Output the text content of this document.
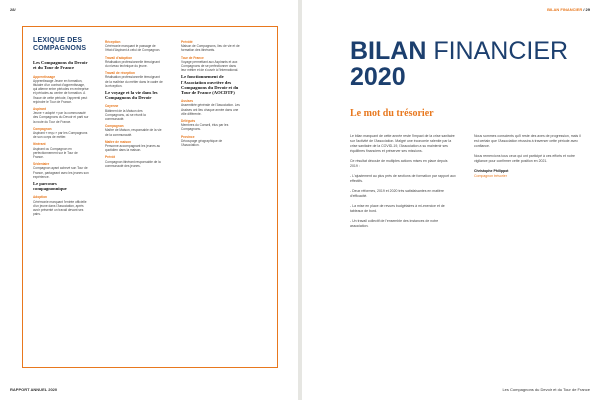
28/
LEXIQUE DES COMPAGNONS
Les Compagnons du Devoir et du Tour de France
Apprentissage
Apprentissage Jeune en formation, titulaire d'un contrat d'apprentissage, qui alterne entre périodes en entreprise et périodes au centre de formation. A l'issue de cette période, l'apprenti peut rejoindre le Tour de France.
Aspirant
Jeune « adopté » par la communauté des Compagnons du Devoir et parti sur la route du Tour de France.
Compagnon
Aspirant « reçu » par les Compagnons de son corps de métier.
Itinérant
Aspirant ou Compagnon en perfectionnement sur le Tour de France.
Sédentaire
Compagnon ayant achevé son Tour de France, partageant avec les jeunes son expérience.
Le parcours compagnonnique
Adoption
Cérémonie marquant l'entrée officielle d'un jeune dans l'Association, après avoir présenté un travail devant ses pairs.
Réception
Cérémonie marquant le passage de l'état d'Aspirant à celui de Compagnon.
Travail d'adoption
Réalisation professionnelle témoignant du niveau technique du jeune.
Travail de réception
Réalisation professionnelle témoignant de la maîtrise du métier dans le cadre de la réception.
Le voyage et la vie dans les Compagnons du Devoir
Cayenne
Bâtiment de la Maison des Compagnons, où se réunit la communauté.
Compagnon
Maître de Maison, responsable de la vie de la communauté.
Maître de maison
Personne accompagnant les jeunes au quotidien dans la maison.
Prévôt
Compagnon itinérant responsable de la communauté des jeunes.
Prévôté
Maison de Compagnons, lieu de vie et de formation des itinérants.
Tour de France
Voyage permettant aux Aspirants et aux Compagnons de se perfectionner dans leur métier et de s'ouvrir à l'international.
Le fonctionnement de l'Association ouvrière des Compagnons du Devoir et du Tour de France (AOCDTF)
Assises
Assemblée générale de l'Association. Les Assises ont lieu chaque année dans une ville différente.
Délégués
Membres du Conseil, élus par les Compagnons.
Province
Découpage géographique de l'Association.
RAPPORT ANNUEL 2020
BILAN FINANCIER / 29
BILAN FINANCIER
2020
Le mot du trésorier

Le bilan marquant de cette année reste l'impact de la crise sanitaire sur l'activité de l'Association. Malgré une économie ralentie par la crise sanitaire de la COVID-19, l'Association a su maintenir ses équilibres financiers et préserver ses missions.

Ce résultat découle de multiples actions mises en place depuis 2019 :

- L'ajustement au plus près de sections de formation par rapport aux effectifs.

- Deux réformes, 2019 et 2020 très satisfaisantes en matière d'efficacité.

- La mise en place de revues budgétaires à mi-exercice et de tableaux de bord.

- Un travail collectif de l'ensemble des instances de notre association.

Nous sommes conscients qu'il reste des axes de progression, mais il est certain que l'Association réussira à traverser cette période avec confiance.

Nous remercions tous ceux qui ont participé à ces efforts et notre vigilance pour confirmer cette position en 2021.

Christophe Philippot
Compagnon trésorier
Les Compagnons du Devoir et du Tour de France
